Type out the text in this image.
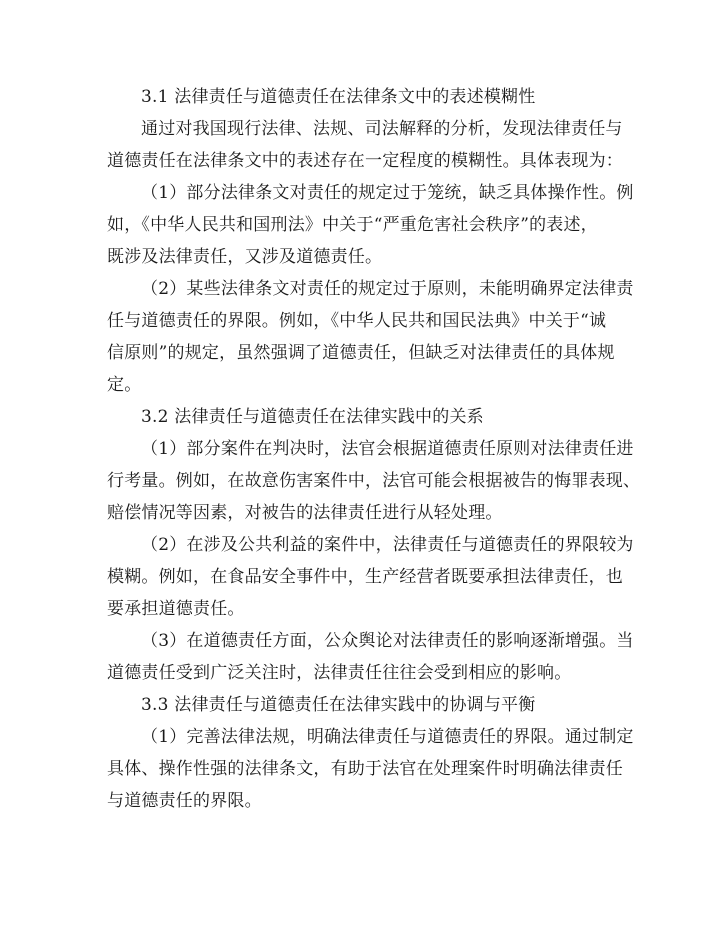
3.1 法律责任与道德责任在法律条文中的表述模糊性
通过对我国现行法律、法规、司法解释的分析，发现法律责任与
道德责任在法律条文中的表述存在一定程度的模糊性。具体表现为：
（1）部分法律条文对责任的规定过于笼统，缺乏具体操作性。例
如，《中华人民共和国刑法》中关于“严重危害社会秩序”的表述，
既涉及法律责任，又涉及道德责任。
（2）某些法律条文对责任的规定过于原则，未能明确界定法律责
任与道德责任的界限。例如，《中华人民共和国民法典》中关于“诚
信原则”的规定，虽然强调了道德责任，但缺乏对法律责任的具体规
定。
3.2 法律责任与道德责任在法律实践中的关系
（1）部分案件在判决时，法官会根据道德责任原则对法律责任进
行考量。例如，在故意伤害案件中，法官可能会根据被告的悔罪表现、
赔偿情况等因素，对被告的法律责任进行从轻处理。
（2）在涉及公共利益的案件中，法律责任与道德责任的界限较为
模糊。例如，在食品安全事件中，生产经营者既要承担法律责任，也
要承担道德责任。
（3）在道德责任方面，公众舆论对法律责任的影响逐渐增强。当
道德责任受到广泛关注时，法律责任往往会受到相应的影响。
3.3 法律责任与道德责任在法律实践中的协调与平衡
（1）完善法律法规，明确法律责任与道德责任的界限。通过制定
具体、操作性强的法律条文，有助于法官在处理案件时明确法律责任
与道德责任的界限。
